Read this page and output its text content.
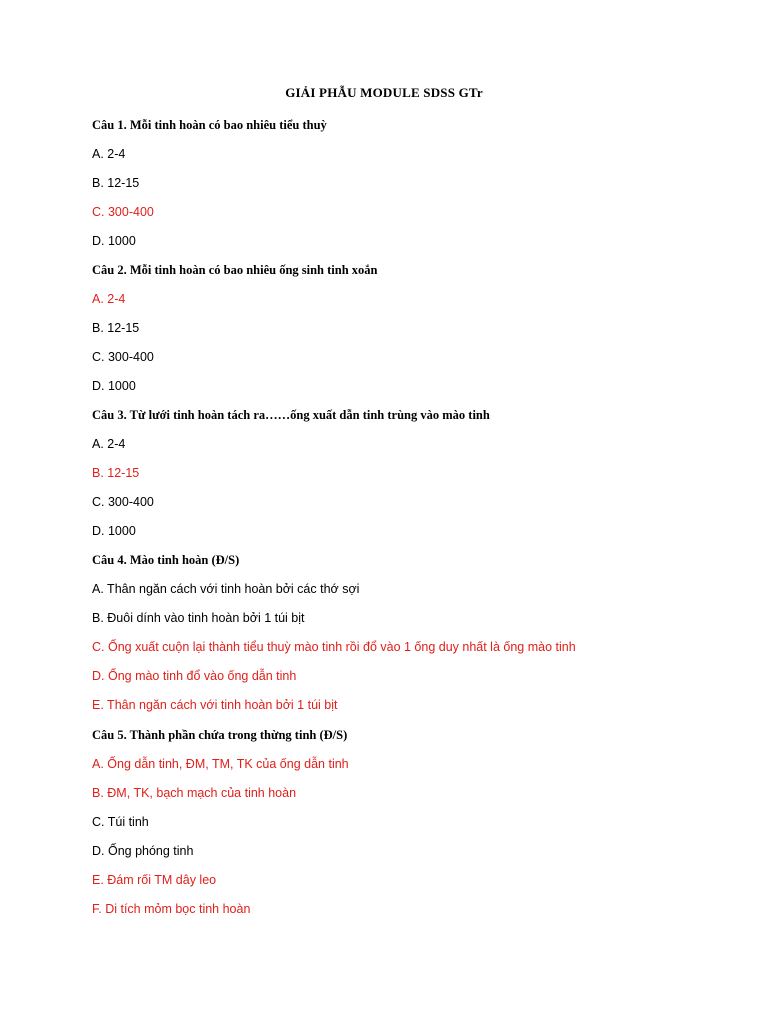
GIẢI PHẪU MODULE SDSS GTr

Câu 1. Mỗi tinh hoàn có bao nhiêu tiểu thuỳ

A. 2-4

B. 12-15

C. 300-400

D. 1000

Câu 2. Mỗi tinh hoàn có bao nhiêu ống sinh tinh xoắn

A. 2-4

B. 12-15

C. 300-400

D. 1000

Câu 3. Từ lưới tinh hoàn tách ra……ống xuất dẫn tinh trùng vào mào tinh

A. 2-4

B. 12-15

C. 300-400

D. 1000

Câu 4. Mào tinh hoàn (Đ/S)

A. Thân ngăn cách với tinh hoàn bởi các thớ sợi

B. Đuôi dính vào tinh hoàn bởi 1 túi bịt

C. Ống xuất cuộn lại thành tiểu thuỳ mào tinh rồi đổ vào 1 ống duy nhất là ống mào tinh

D. Ống mào tinh đổ vào ống dẫn tinh

E. Thân ngăn cách với tinh hoàn bởi 1 túi bịt

Câu 5. Thành phần chứa trong thừng tinh (Đ/S)

A. Ống dẫn tinh, ĐM, TM, TK của ống dẫn tinh

B. ĐM, TK, bạch mạch của tinh hoàn

C. Túi tinh

D. Ống phóng tinh

E. Đám rối TM dây leo

F. Di tích mỏm bọc tinh hoàn
